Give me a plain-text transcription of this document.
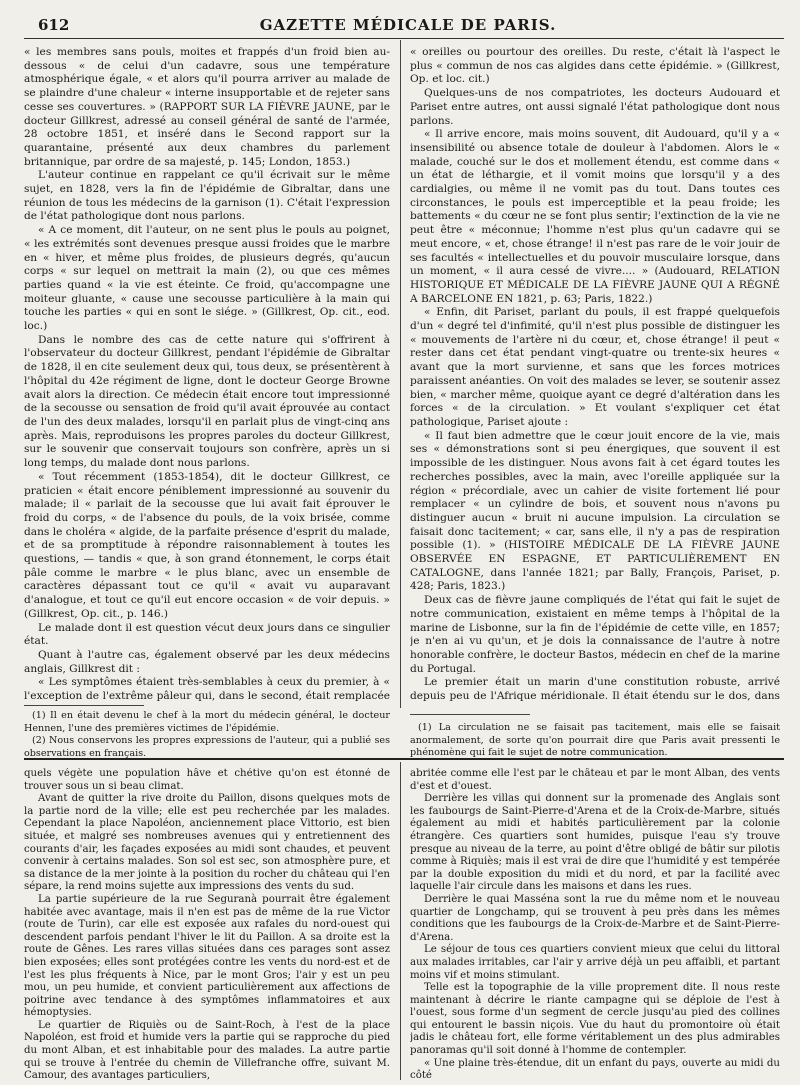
612	GAZETTE MÉDICALE DE PARIS.

« les membres sans pouls, moites et frappés d'un froid bien au-dessous « de celui d'un cadavre, sous une température atmosphérique égale, « et alors qu'il pourra arriver au malade de se plaindre d'une chaleur « interne insupportable et de rejeter sans cesse ses couvertures. » (RAPPORT SUR LA FIÈVRE JAUNE, par le docteur Gillkrest, adressé au conseil général de santé de l'armée, 28 octobre 1851, et inséré dans le Second rapport sur la quarantaine, présenté aux deux chambres du parlement britannique, par ordre de sa majesté, p. 145; London, 1853.)

L'auteur continue en rappelant ce qu'il écrivait sur le même sujet, en 1828, vers la fin de l'épidémie de Gibraltar, dans une réunion de tous les médecins de la garnison (1). C'était l'expression de l'état pathologique dont nous parlons.

« A ce moment, dit l'auteur, on ne sent plus le pouls au poignet, « les extrémités sont devenues presque aussi froides que le marbre en « hiver, et même plus froides, de plusieurs degrés, qu'aucun corps « sur lequel on mettrait la main (2), ou que ces mêmes parties quand « la vie est éteinte. Ce froid, qu'accompagne une moiteur gluante, « cause une secousse particulière à la main qui touche les parties « qui en sont le siége. » (Gillkrest, Op. cit., eod. loc.)

Dans le nombre des cas de cette nature qui s'offrirent à l'observateur du docteur Gillkrest, pendant l'épidémie de Gibraltar de 1828, il en cite seulement deux qui, tous deux, se présentèrent à l'hôpital du 42e régiment de ligne, dont le docteur George Browne avait alors la direction. Ce médecin était encore tout impressionné de la secousse ou sensation de froid qu'il avait éprouvée au contact de l'un des deux malades, lorsqu'il en parlait plus de vingt-cinq ans après. Mais, reproduisons les propres paroles du docteur Gillkrest, sur le souvenir que conservait toujours son confrère, après un si long temps, du malade dont nous parlons.

« Tout récemment (1853-1854), dit le docteur Gillkrest, ce praticien « était encore péniblement impressionné au souvenir du malade; il « parlait de la secousse que lui avait fait éprouver le froid du corps, « de l'absence du pouls, de la voix brisée, comme dans le choléra « algide, de la parfaite présence d'esprit du malade, et de sa promptitude à répondre raisonnablement à toutes les questions, — tandis « que, à son grand étonnement, le corps était pâle comme le marbre « le plus blanc, avec un ensemble de caractères dépassant tout ce qu'il « avait vu auparavant d'analogue, et tout ce qu'il eut encore occasion « de voir depuis. » (Gillkrest, Op. cit., p. 146.)

Le malade dont il est question vécut deux jours dans ce singulier état.

Quant à l'autre cas, également observé par les deux médecins anglais, Gillkrest dit :

« Les symptômes étaient très-semblables à ceux du premier, à « l'exception de l'extrême pâleur qui, dans le second, était remplacée

« oreilles ou pourtour des oreilles. Du reste, c'était là l'aspect le plus « commun de nos cas algides dans cette épidémie. » (Gillkrest, Op. et loc. cit.)

Quelques-uns de nos compatriotes, les docteurs Audouard et Pariset entre autres, ont aussi signalé l'état pathologique dont nous parlons.

« Il arrive encore, mais moins souvent, dit Audouard, qu'il y a « insensibilité ou absence totale de douleur à l'abdomen. Alors le « malade, couché sur le dos et mollement étendu, est comme dans « un état de léthargie, et il vomit moins que lorsqu'il y a des cardialgies, ou même il ne vomit pas du tout. Dans toutes ces circonstances, le pouls est imperceptible et la peau froide; les battements « du cœur ne se font plus sentir; l'extinction de la vie ne peut être « méconnue; l'homme n'est plus qu'un cadavre qui se meut encore, « et, chose étrange! il n'est pas rare de le voir jouir de ses facultés « intellectuelles et du pouvoir musculaire lorsque, dans un moment, « il aura cessé de vivre.... » (Audouard, RELATION HISTORIQUE ET MÉDICALE DE LA FIÈVRE JAUNE QUI A RÉGNÉ A BARCELONE EN 1821, p. 63; Paris, 1822.)

« Enfin, dit Pariset, parlant du pouls, il est frappé quelquefois d'un « degré tel d'infimité, qu'il n'est plus possible de distinguer les « mouvements de l'artère ni du cœur, et, chose étrange! il peut « rester dans cet état pendant vingt-quatre ou trente-six heures « avant que la mort survienne, et sans que les forces motrices paraissent anéanties. On voit des malades se lever, se soutenir assez bien, « marcher même, quoique ayant ce degré d'altération dans les forces « de la circulation. » Et voulant s'expliquer cet état pathologique, Pariset ajoute :

« Il faut bien admettre que le cœur jouit encore de la vie, mais ses « démonstrations sont si peu énergiques, que souvent il est impossible de les distinguer. Nous avons fait à cet égard toutes les recherches possibles, avec la main, avec l'oreille appliquée sur la région « précordiale, avec un cahier de visite fortement lié pour remplacer « un cylindre de bois, et souvent nous n'avons pu distinguer aucun « bruit ni aucune impulsion. La circulation se faisait donc tacitement; « car, sans elle, il n'y a pas de respiration possible (1). » (HISTOIRE MÉDICALE DE LA FIÈVRE JAUNE OBSERVÉE EN ESPAGNE, ET PARTICULIÈREMENT EN CATALOGNE, dans l'année 1821; par Bally, François, Pariset, p. 428; Paris, 1823.)

Deux cas de fièvre jaune compliqués de l'état qui fait le sujet de notre communication, existaient en même temps à l'hôpital de la marine de Lisbonne, sur la fin de l'épidémie de cette ville, en 1857; je n'en ai vu qu'un, et je dois la connaissance de l'autre à notre honorable confrère, le docteur Bastos, médecin en chef de la marine du Portugal.

Le premier était un marin d'une constitution robuste, arrivé depuis peu de l'Afrique méridionale. Il était étendu sur le dos, dans

(1) Il en était devenu le chef à la mort du médecin général, le docteur Hennen, l'une des premières victimes de l'épidémie.

(2) Nous conservons les propres expressions de l'auteur, qui a publié ses observations en français.

(1) La circulation ne se faisait pas tacitement, mais elle se faisait anormalement, de sorte qu'on pourrait dire que Paris avait pressenti le phénomène qui fait le sujet de notre communication.

quels végète une population hâve et chétive qu'on est étonné de trouver sous un si beau climat.

Avant de quitter la rive droite du Paillon, disons quelques mots de la partie nord de la ville; elle est peu recherchée par les malades. Cependant la place Napoléon, anciennement place Vittorio, est bien située, et malgré ses nombreuses avenues qui y entretiennent des courants d'air, les façades exposées au midi sont chaudes, et peuvent convenir à certains malades. Son sol est sec, son atmosphère pure, et sa distance de la mer jointe à la position du rocher du château qui l'en sépare, la rend moins sujette aux impressions des vents du sud.

La partie supérieure de la rue Seguranà pourrait être également habitée avec avantage, mais il n'en est pas de même de la rue Victor (route de Turin), car elle est exposée aux rafales du nord-ouest qui descendent parfois pendant l'hiver le lit du Paillon. A sa droite est la route de Gênes. Les rares villas situées dans ces parages sont assez bien exposées; elles sont protégées contre les vents du nord-est et de l'est les plus fréquents à Nice, par le mont Gros; l'air y est un peu mou, un peu humide, et convient particulièrement aux affections de poitrine avec tendance à des symptômes inflammatoires et aux hémoptysies.

Le quartier de Riquiès ou de Saint-Roch, à l'est de la place Napoléon, est froid et humide vers la partie qui se rapproche du pied du mont Alban, et est inhabitable pour des malades. La autre partie qui se trouve à l'entrée du chemin de Villefranche offre, suivant M. Camour, des avantages particuliers,

abritée comme elle l'est par le château et par le mont Alban, des vents d'est et d'ouest.

Derrière les villas qui donnent sur la promenade des Anglais sont les faubourgs de Saint-Pierre-d'Arena et de la Croix-de-Marbre, situés également au midi et habités particulièrement par la colonie étrangère. Ces quartiers sont humides, puisque l'eau s'y trouve presque au niveau de la terre, au point d'être obligé de bâtir sur pilotis comme à Riquiès; mais il est vrai de dire que l'humidité y est tempérée par la double exposition du midi et du nord, et par la facilité avec laquelle l'air circule dans les maisons et dans les rues.

Derrière le quai Masséna sont la rue du même nom et le nouveau quartier de Longchamp, qui se trouvent à peu près dans les mêmes conditions que les faubourgs de la Croix-de-Marbre et de Saint-Pierre-d'Arena.

Le séjour de tous ces quartiers convient mieux que celui du littoral aux malades irritables, car l'air y arrive déjà un peu affaibli, et partant moins vif et moins stimulant.

Telle est la topographie de la ville proprement dite. Il nous reste maintenant à décrire le riante campagne qui se déploie de l'est à l'ouest, sous forme d'un segment de cercle jusqu'au pied des collines qui entourent le bassin niçois. Vue du haut du promontoire où était jadis le château fort, elle forme véritablement un des plus admirables panoramas qu'il soit donné à l'homme de contempler.

« Une plaine très-étendue, dit un enfant du pays, ouverte au midi du côté
